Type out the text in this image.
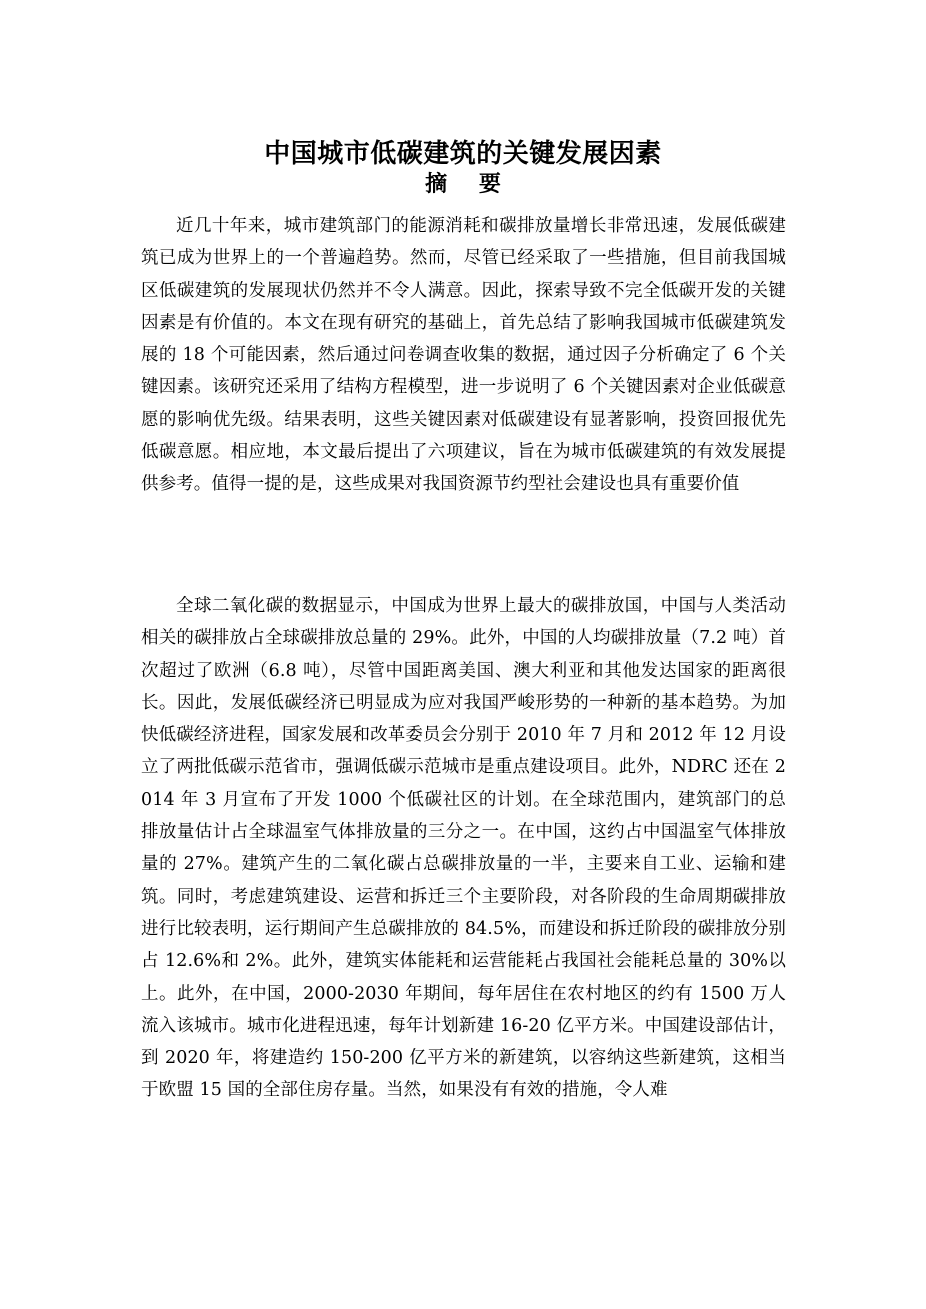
中国城市低碳建筑的关键发展因素
摘 要

近几十年来，城市建筑部门的能源消耗和碳排放量增长非常迅速，发展低碳建筑已成为世界上的一个普遍趋势。然而，尽管已经采取了一些措施，但目前我国城区低碳建筑的发展现状仍然并不令人满意。因此，探索导致不完全低碳开发的关键因素是有价值的。本文在现有研究的基础上，首先总结了影响我国城市低碳建筑发展的 18 个可能因素，然后通过问卷调查收集的数据，通过因子分析确定了 6 个关键因素。该研究还采用了结构方程模型，进一步说明了 6 个关键因素对企业低碳意愿的影响优先级。结果表明，这些关键因素对低碳建设有显著影响，投资回报优先低碳意愿。相应地，本文最后提出了六项建议，旨在为城市低碳建筑的有效发展提供参考。值得一提的是，这些成果对我国资源节约型社会建设也具有重要价值

全球二氧化碳的数据显示，中国成为世界上最大的碳排放国，中国与人类活动相关的碳排放占全球碳排放总量的 29%。此外，中国的人均碳排放量（7.2 吨）首次超过了欧洲（6.8 吨），尽管中国距离美国、澳大利亚和其他发达国家的距离很长。因此，发展低碳经济已明显成为应对我国严峻形势的一种新的基本趋势。为加快低碳经济进程，国家发展和改革委员会分别于 2010 年 7 月和 2012 年 12 月设立了两批低碳示范省市，强调低碳示范城市是重点建设项目。此外，NDRC 还在 2014 年 3 月宣布了开发 1000 个低碳社区的计划。在全球范围内，建筑部门的总排放量估计占全球温室气体排放量的三分之一。在中国，这约占中国温室气体排放量的 27%。建筑产生的二氧化碳占总碳排放量的一半，主要来自工业、运输和建筑。同时，考虑建筑建设、运营和拆迁三个主要阶段，对各阶段的生命周期碳排放进行比较表明，运行期间产生总碳排放的 84.5%，而建设和拆迁阶段的碳排放分别占 12.6%和 2%。此外，建筑实体能耗和运营能耗占我国社会能耗总量的 30%以上。此外，在中国，2000-2030 年期间，每年居住在农村地区的约有 1500 万人流入该城市。城市化进程迅速，每年计划新建 16-20 亿平方米。中国建设部估计，到 2020 年，将建造约 150-200 亿平方米的新建筑，以容纳这些新建筑，这相当于欧盟 15 国的全部住房存量。当然，如果没有有效的措施，令人难
